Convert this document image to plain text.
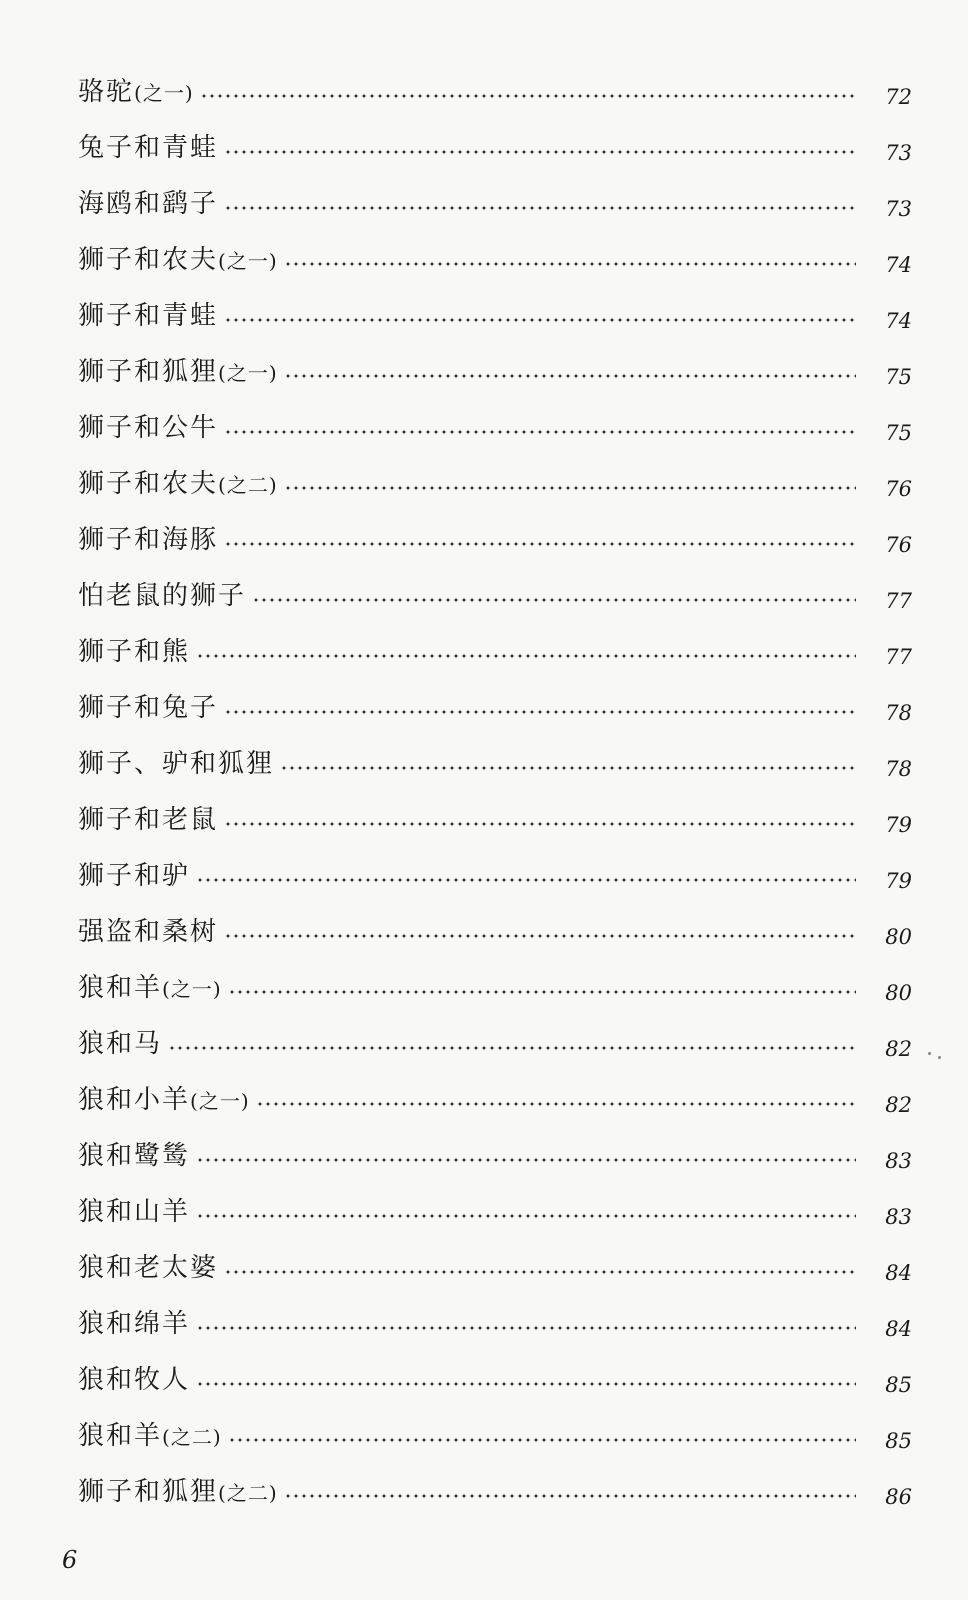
骆驼(之一)	72
兔子和青蛙	73
海鸥和鹞子	73
狮子和农夫(之一)	74
狮子和青蛙	74
狮子和狐狸(之一)	75
狮子和公牛	75
狮子和农夫(之二)	76
狮子和海豚	76
怕老鼠的狮子	77
狮子和熊	77
狮子和兔子	78
狮子、驴和狐狸	78
狮子和老鼠	79
狮子和驴	79
强盗和桑树	80
狼和羊(之一)	80
狼和马	82
狼和小羊(之一)	82
狼和鹭鸶	83
狼和山羊	83
狼和老太婆	84
狼和绵羊	84
狼和牧人	85
狼和羊(之二)	85
狮子和狐狸(之二)	86
6
